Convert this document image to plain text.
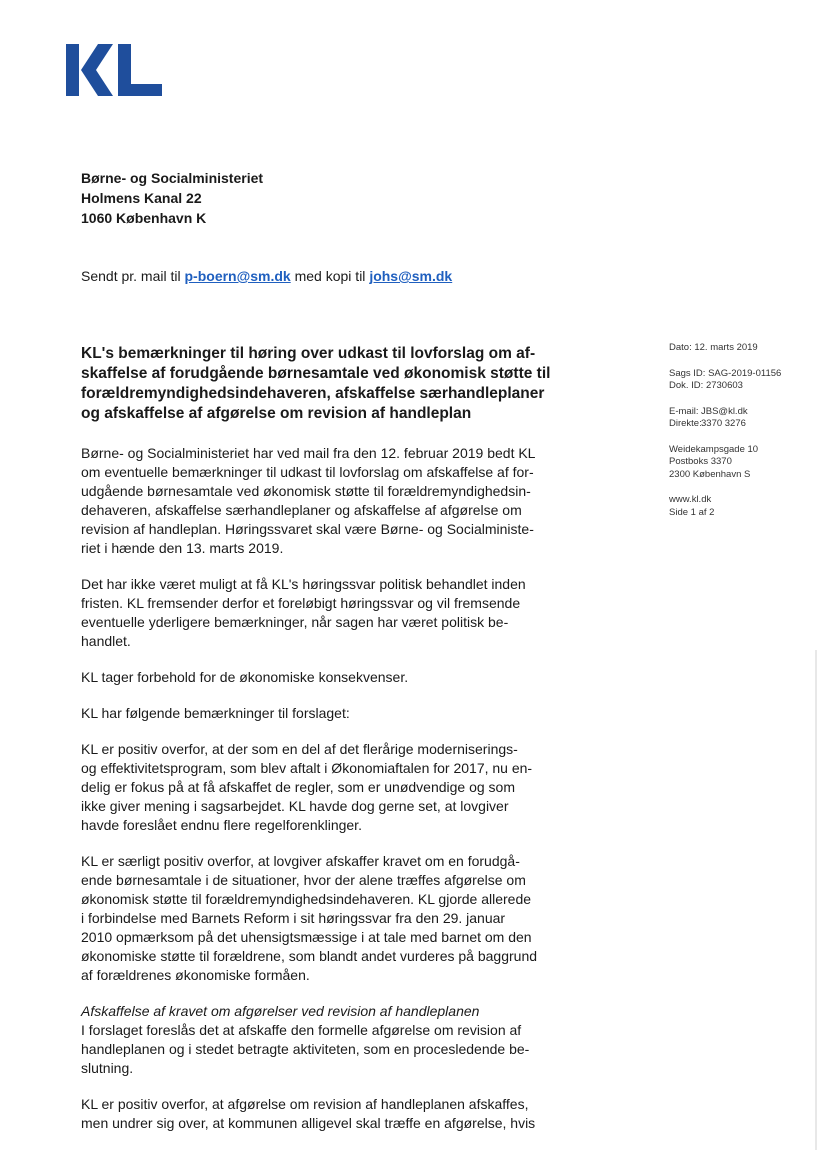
Børne- og Socialministeriet
Holmens Kanal 22
1060 København K
Sendt pr. mail til p-boern@sm.dk med kopi til johs@sm.dk
KL's bemærkninger til høring over udkast til lovforslag om af-
skaffelse af forudgående børnesamtale ved økonomisk støtte til
forældremyndighedsindehaveren, afskaffelse særhandleplaner
og afskaffelse af afgørelse om revision af handleplan

Børne- og Socialministeriet har ved mail fra den 12. februar 2019 bedt KL
om eventuelle bemærkninger til udkast til lovforslag om afskaffelse af for-
udgående børnesamtale ved økonomisk støtte til forældremyndighedsin-
dehaveren, afskaffelse særhandleplaner og afskaffelse af afgørelse om
revision af handleplan. Høringssvaret skal være Børne- og Socialministe-
riet i hænde den 13. marts 2019.

Det har ikke været muligt at få KL's høringssvar politisk behandlet inden
fristen. KL fremsender derfor et foreløbigt høringssvar og vil fremsende
eventuelle yderligere bemærkninger, når sagen har været politisk be-
handlet.

KL tager forbehold for de økonomiske konsekvenser.

KL har følgende bemærkninger til forslaget:

KL er positiv overfor, at der som en del af det flerårige moderniserings-
og effektivitetsprogram, som blev aftalt i Økonomiaftalen for 2017, nu en-
delig er fokus på at få afskaffet de regler, som er unødvendige og som
ikke giver mening i sagsarbejdet. KL havde dog gerne set, at lovgiver
havde foreslået endnu flere regelforenklinger.

KL er særligt positiv overfor, at lovgiver afskaffer kravet om en forudgå-
ende børnesamtale i de situationer, hvor der alene træffes afgørelse om
økonomisk støtte til forældremyndighedsindehaveren. KL gjorde allerede
i forbindelse med Barnets Reform i sit høringssvar fra den 29. januar
2010 opmærksom på det uhensigtsmæssige i at tale med barnet om den
økonomiske støtte til forældrene, som blandt andet vurderes på baggrund
af forældrenes økonomiske formåen.

Afskaffelse af kravet om afgørelser ved revision af handleplanen
I forslaget foreslås det at afskaffe den formelle afgørelse om revision af
handleplanen og i stedet betragte aktiviteten, som en procesledende be-
slutning.

KL er positiv overfor, at afgørelse om revision af handleplanen afskaffes,
men undrer sig over, at kommunen alligevel skal træffe en afgørelse, hvis

Dato: 12. marts 2019
Sags ID: SAG-2019-01156
Dok. ID: 2730603
E-mail: JBS@kl.dk
Direkte: 3370 3276
Weidekampsgade 10
Postboks 3370
2300 København S
www.kl.dk
Side 1 af 2
